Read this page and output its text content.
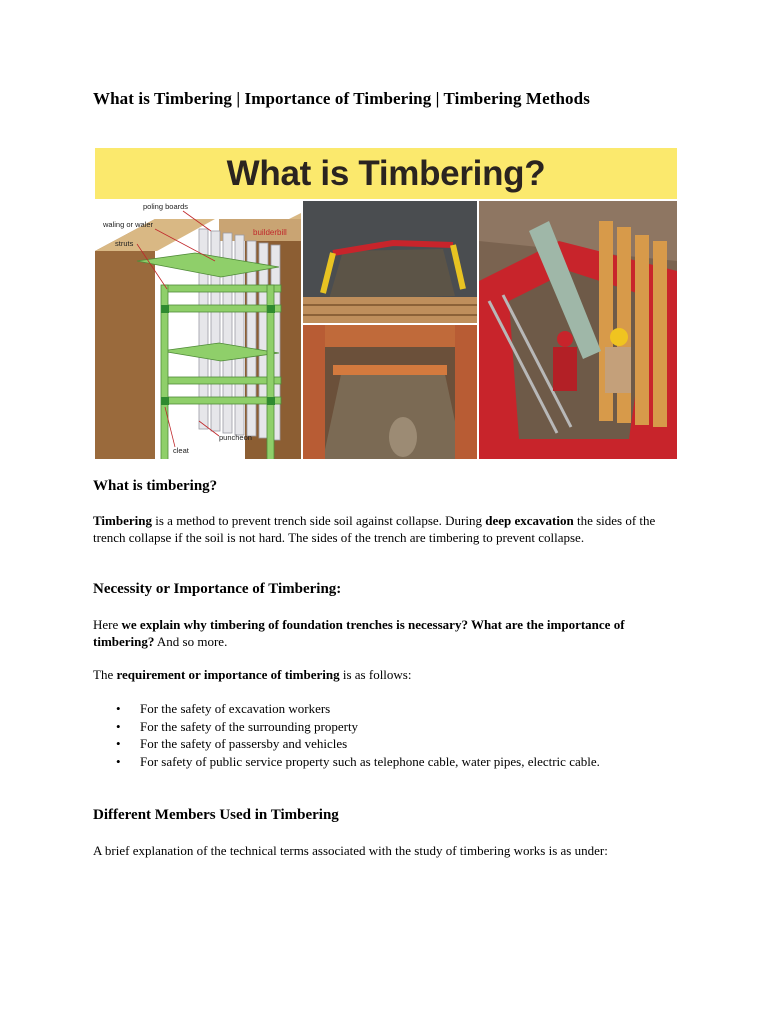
What is Timbering | Importance of Timbering | Timbering Methods
What is Timbering?
builderbill
poling boards
waling or waler
struts
puncheon
cleat
What is timbering?

Timbering is a method to prevent trench side soil against collapse. During deep excavation the sides of the trench collapse if the soil is not hard. The sides of the trench are timbering to prevent collapse.

Necessity or Importance of Timbering:

Here we explain why timbering of foundation trenches is necessary? What are the importance of timbering? And so more.

The requirement or importance of timbering is as follows:

• For the safety of excavation workers
• For the safety of the surrounding property
• For the safety of passersby and vehicles
• For safety of public service property such as telephone cable, water pipes, electric cable.
Different Members Used in Timbering

A brief explanation of the technical terms associated with the study of timbering works is as under:
